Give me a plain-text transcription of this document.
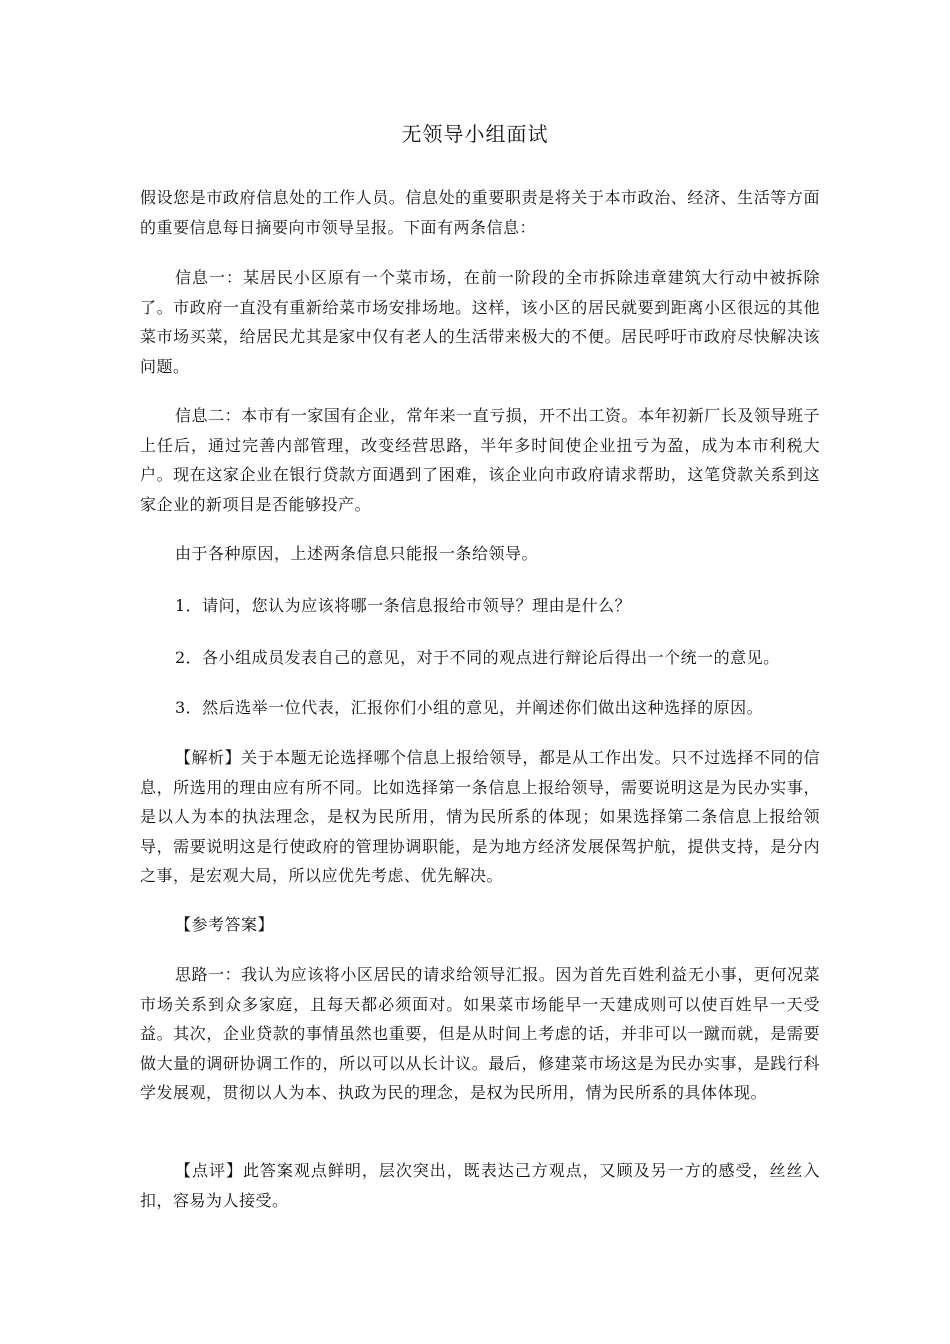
无领导小组面试

假设您是市政府信息处的工作人员。信息处的重要职责是将关于本市政治、经济、生活等方面的重要信息每日摘要向市领导呈报。下面有两条信息：

信息一：某居民小区原有一个菜市场，在前一阶段的全市拆除违章建筑大行动中被拆除了。市政府一直没有重新给菜市场安排场地。这样，该小区的居民就要到距离小区很远的其他菜市场买菜，给居民尤其是家中仅有老人的生活带来极大的不便。居民呼吁市政府尽快解决该问题。

信息二：本市有一家国有企业，常年来一直亏损，开不出工资。本年初新厂长及领导班子上任后，通过完善内部管理，改变经营思路，半年多时间使企业扭亏为盈，成为本市利税大户。现在这家企业在银行贷款方面遇到了困难，该企业向市政府请求帮助，这笔贷款关系到这家企业的新项目是否能够投产。

由于各种原因，上述两条信息只能报一条给领导。

1．请问，您认为应该将哪一条信息报给市领导？理由是什么？

2．各小组成员发表自己的意见，对于不同的观点进行辩论后得出一个统一的意见。

3．然后选举一位代表，汇报你们小组的意见，并阐述你们做出这种选择的原因。

【解析】关于本题无论选择哪个信息上报给领导，都是从工作出发。只不过选择不同的信息，所选用的理由应有所不同。比如选择第一条信息上报给领导，需要说明这是为民办实事，是以人为本的执法理念，是权为民所用，情为民所系的体现；如果选择第二条信息上报给领导，需要说明这是行使政府的管理协调职能，是为地方经济发展保驾护航，提供支持，是分内之事，是宏观大局，所以应优先考虑、优先解决。

【参考答案】

思路一：我认为应该将小区居民的请求给领导汇报。因为首先百姓利益无小事，更何况菜市场关系到众多家庭，且每天都必须面对。如果菜市场能早一天建成则可以使百姓早一天受益。其次，企业贷款的事情虽然也重要，但是从时间上考虑的话，并非可以一蹴而就，是需要做大量的调研协调工作的，所以可以从长计议。最后，修建菜市场这是为民办实事，是践行科学发展观，贯彻以人为本、执政为民的理念，是权为民所用，情为民所系的具体体现。

【点评】此答案观点鲜明，层次突出，既表达己方观点，又顾及另一方的感受，丝丝入扣，容易为人接受。
